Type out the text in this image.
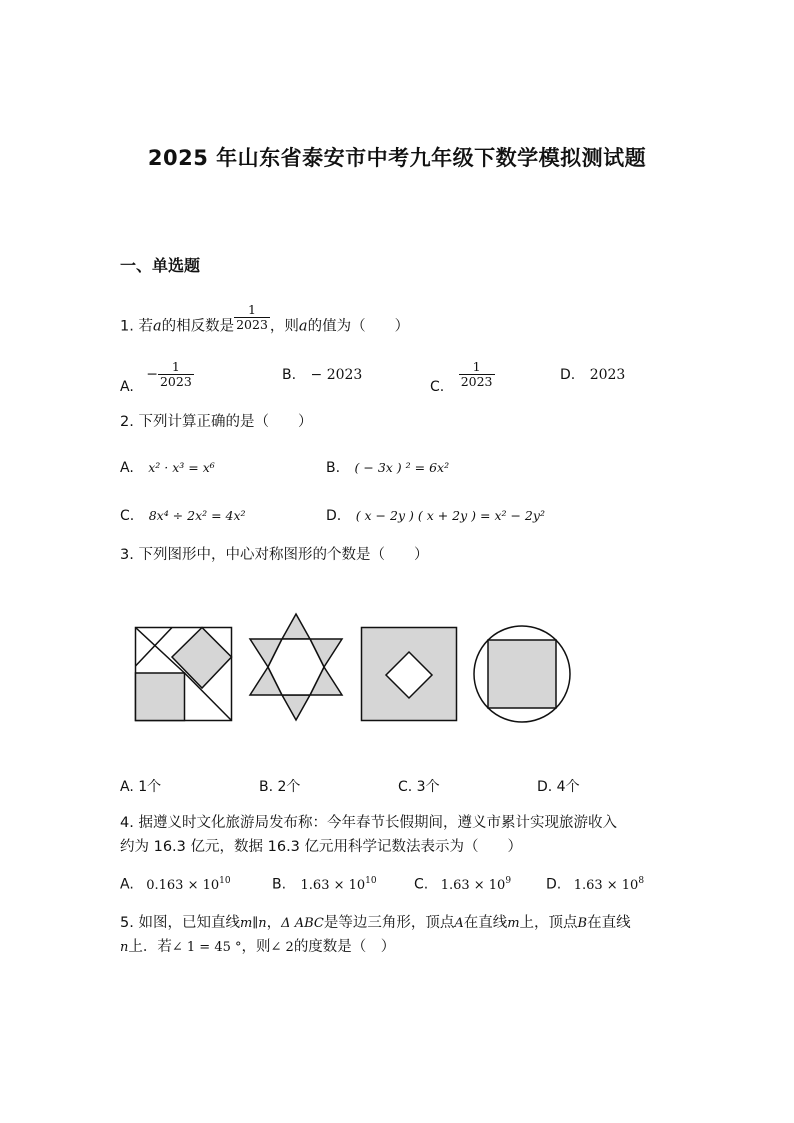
2025 年山东省泰安市中考九年级下数学模拟测试题
一、单选题
1. 若a的相反数是 $\frac{1}{2023}$ ，则a的值为（　　）
A. − $\frac{1}{2023}$	B. − 2023
C. $\frac{1}{2023}$	D. 2023
2. 下列计算正确的是（　　）
A. x² · x³ = x⁶	B. ( − 3x ) ² = 6x²
C. 8x⁴ ÷ 2x² = 4x²	D. ( x − 2y ) ( x + 2y ) = x² − 2y²
3. 下列图形中，中心对称图形的个数是（　　）
A. 1个	B. 2个	C. 3个	D. 4个
4. 据遵义时文化旅游局发布称：今年春节长假期间，遵义市累计实现旅游收入
约为 16.3 亿元，数据 16.3 亿元用科学记数法表示为（　　）
A. $0.163 \times 10^{10}$	B. $1.63 \times 10^{10}$	C. $1.63 \times 10^9$ D. $1.63 \times 10^8$
5. 如图，已知直线m∥n，Δ ABC是等边三角形，顶点A在直线m上，顶点B在直线
n上．若∠ 1 = 45 °，则∠ 2的度数是（　）
